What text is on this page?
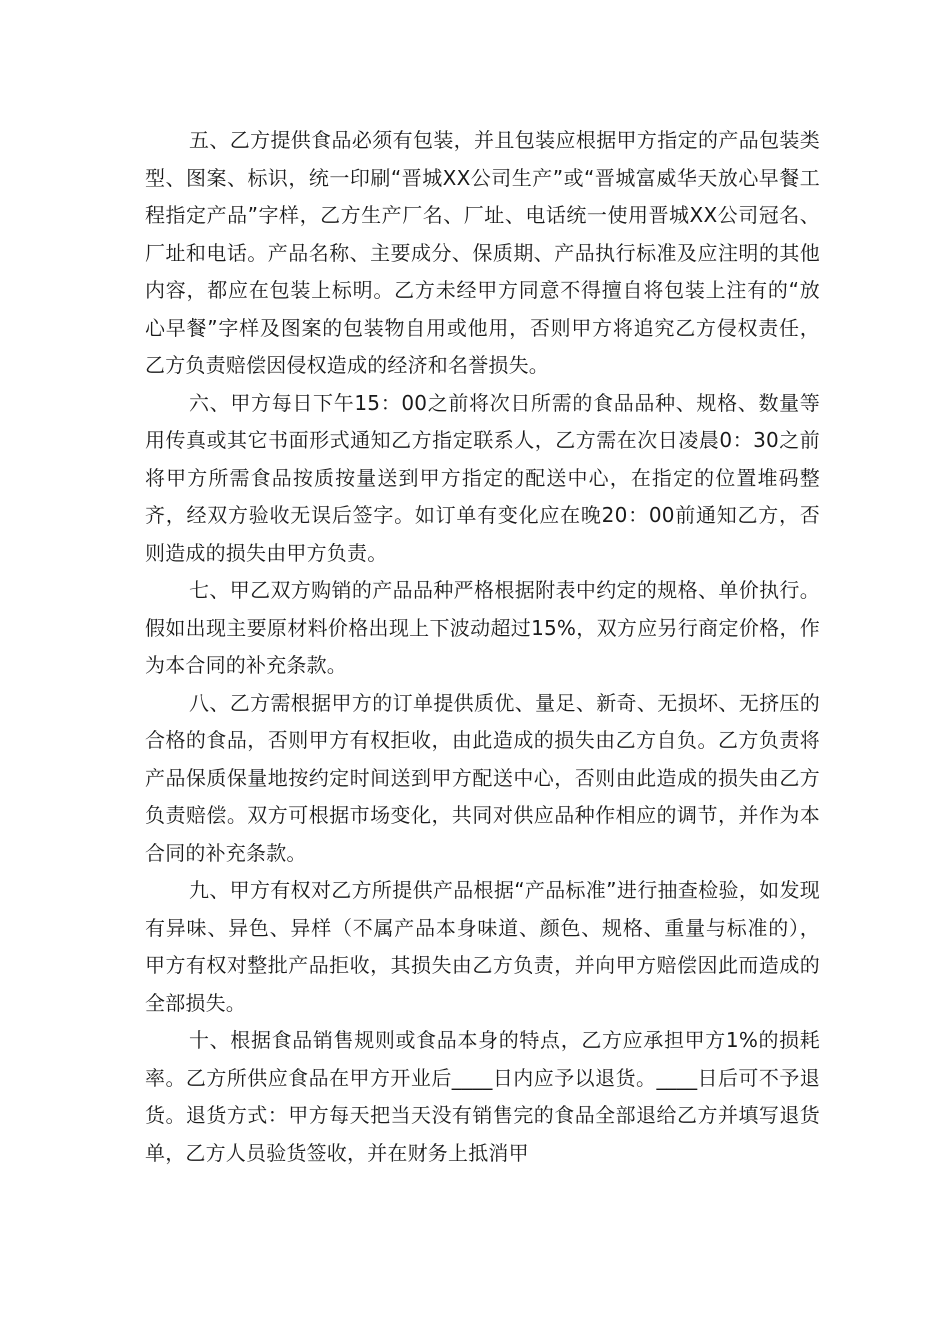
五、乙方提供食品必须有包装，并且包装应根据甲方指定的产品包装类型、图案、标识，统一印刷“晋城XX公司生产”或“晋城富威华天放心早餐工程指定产品”字样，乙方生产厂名、厂址、电话统一使用晋城XX公司冠名、厂址和电话。产品名称、主要成分、保质期、产品执行标准及应注明的其他内容，都应在包装上标明。乙方未经甲方同意不得擅自将包装上注有的“放心早餐”字样及图案的包装物自用或他用，否则甲方将追究乙方侵权责任，乙方负责赔偿因侵权造成的经济和名誉损失。

六、甲方每日下午15：00之前将次日所需的食品品种、规格、数量等用传真或其它书面形式通知乙方指定联系人，乙方需在次日凌晨0：30之前将甲方所需食品按质按量送到甲方指定的配送中心，在指定的位置堆码整齐，经双方验收无误后签字。如订单有变化应在晚20：00前通知乙方，否则造成的损失由甲方负责。

七、甲乙双方购销的产品品种严格根据附表中约定的规格、单价执行。假如出现主要原材料价格出现上下波动超过15%，双方应另行商定价格，作为本合同的补充条款。

八、乙方需根据甲方的订单提供质优、量足、新奇、无损坏、无挤压的合格的食品，否则甲方有权拒收，由此造成的损失由乙方自负。乙方负责将产品保质保量地按约定时间送到甲方配送中心，否则由此造成的损失由乙方负责赔偿。双方可根据市场变化，共同对供应品种作相应的调节，并作为本合同的补充条款。

九、甲方有权对乙方所提供产品根据“产品标准”进行抽查检验，如发现有异味、异色、异样（不属产品本身味道、颜色、规格、重量与标准的），甲方有权对整批产品拒收，其损失由乙方负责，并向甲方赔偿因此而造成的全部损失。

十、根据食品销售规则或食品本身的特点，乙方应承担甲方1%的损耗率。乙方所供应食品在甲方开业后____日内应予以退货。____日后可不予退货。退货方式：甲方每天把当天没有销售完的食品全部退给乙方并填写退货单，乙方人员验货签收，并在财务上抵消甲
